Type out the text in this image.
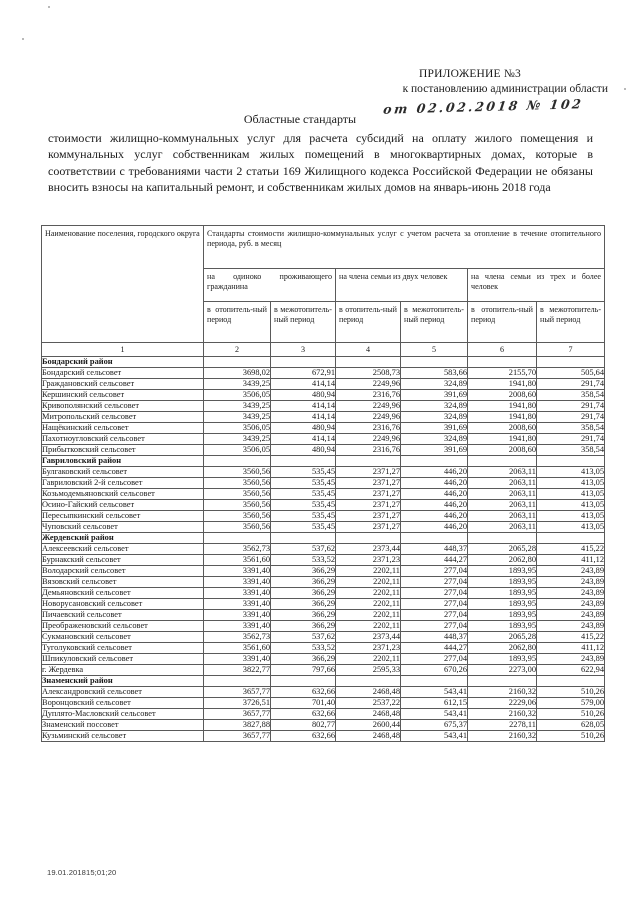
ПРИЛОЖЕНИЕ №3
к постановлению администрации области
от 02.02.2018 № 102
Областные стандарты
стоимости жилищно-коммунальных услуг для расчета субсидий на оплату жилого помещения и коммунальных услуг собственникам жилых помещений в многоквартирных домах, которые в соответствии с требованиями части 2 статьи 169 Жилищного кодекса Российской Федерации не обязаны вносить взносы на капитальный ремонт, и собственникам жилых домов на январь-июнь 2018 года
Наименование поселения, городского округа	Стандарты стоимости жилищно-коммунальных услуг с учетом расчета за отопление в течение отопительного периода, руб. в месяц					
	на одиноко проживающего гражданина		на члена семьи из двух человек		на члена семьи из трех и более человек	
	в отопитель-ный период	в межотопитель-ный период	в отопитель-ный период	в межотопитель-ный период	в отопитель-ный период	в межотопитель-ный период
1	2	3	4	5	6	7
Бондарский район						
Бондарский сельсовет	3698,02	672,91	2508,73	583,66	2155,70	505,64
Граждановский сельсовет	3439,25	414,14	2249,96	324,89	1941,80	291,74
Кершинский сельсовет	3506,05	480,94	2316,76	391,69	2008,60	358,54
Кривополянский сельсовет	3439,25	414,14	2249,96	324,89	1941,80	291,74
Митропольский сельсовет	3439,25	414,14	2249,96	324,89	1941,80	291,74
Нащёкинский сельсовет	3506,05	480,94	2316,76	391,69	2008,60	358,54
Пахотноугловский сельсовет	3439,25	414,14	2249,96	324,89	1941,80	291,74
Прибытковский сельсовет	3506,05	480,94	2316,76	391,69	2008,60	358,54
Гавриловский район						
Булгаковский сельсовет	3560,56	535,45	2371,27	446,20	2063,11	413,05
Гавриловский 2-й сельсовет	3560,56	535,45	2371,27	446,20	2063,11	413,05
Козьмодемьяновский сельсовет	3560,56	535,45	2371,27	446,20	2063,11	413,05
Осино-Гайский сельсовет	3560,56	535,45	2371,27	446,20	2063,11	413,05
Пересыпкинский сельсовет	3560,56	535,45	2371,27	446,20	2063,11	413,05
Чуповский сельсовет	3560,56	535,45	2371,27	446,20	2063,11	413,05
Жердевский район						
Алексеевский сельсовет	3562,73	537,62	2373,44	448,37	2065,28	415,22
Бурнакский сельсовет	3561,60	533,52	2371,23	444,27	2062,80	411,12
Володарский сельсовет	3391,40	366,29	2202,11	277,04	1893,95	243,89
Вязовский сельсовет	3391,40	366,29	2202,11	277,04	1893,95	243,89
Демьяновский сельсовет	3391,40	366,29	2202,11	277,04	1893,95	243,89
Новорусановский сельсовет	3391,40	366,29	2202,11	277,04	1893,95	243,89
Пичаевский сельсовет	3391,40	366,29	2202,11	277,04	1893,95	243,89
Преображеновский сельсовет	3391,40	366,29	2202,11	277,04	1893,95	243,89
Сукмановский сельсовет	3562,73	537,62	2373,44	448,37	2065,28	415,22
Туголуковский сельсовет	3561,60	533,52	2371,23	444,27	2062,80	411,12
Шпикуловский сельсовет	3391,40	366,29	2202,11	277,04	1893,95	243,89
г. Жердевка	3822,77	797,66	2595,33	670,26	2273,00	622,94
Знаменский район						
Александровский сельсовет	3657,77	632,66	2468,48	543,41	2160,32	510,26
Воронцовский сельсовет	3726,51	701,40	2537,22	612,15	2229,06	579,00
Дуплято-Масловский сельсовет	3657,77	632,66	2468,48	543,41	2160,32	510,26
Знаменский поссовет	3827,88	802,77	2600,44	675,37	2278,11	628,05
Кузьминский сельсовет	3657,77	632,66	2468,48	543,41	2160,32	510,26
19.01.201815;01;20
